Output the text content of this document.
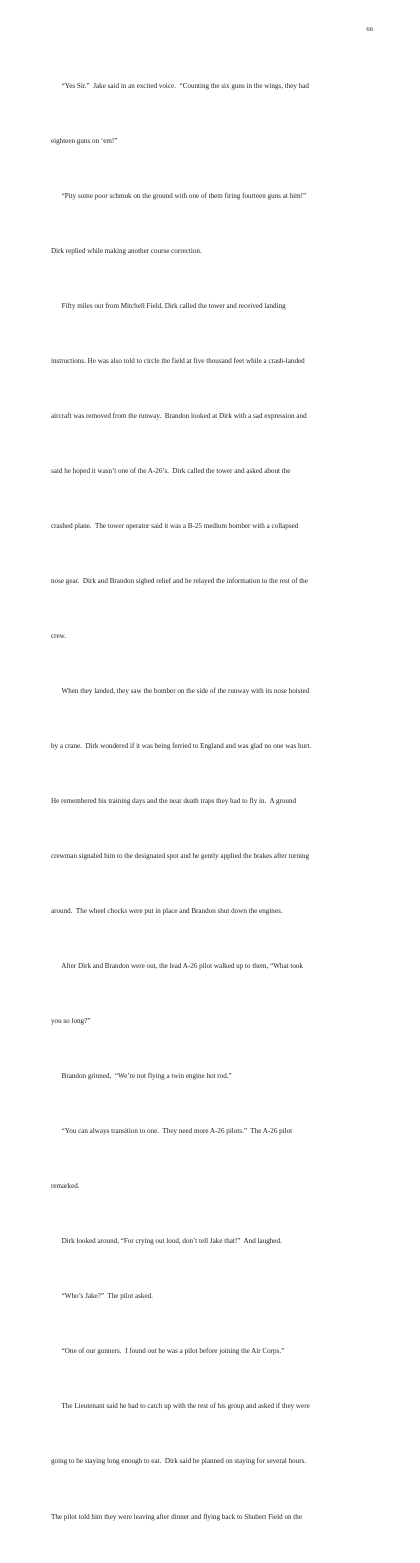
66

“Yes Sir.”  Jake said in an excited voice.  “Counting the six guns in the wings, they had

eighteen guns on ‘em!”

“Pity some poor schmuk on the ground with one of them firing fourteen guns at him!”

Dirk replied while making another course correction.

Fifty miles out from Mitchell Field, Dirk called the tower and received landing

instructions. He was also told to circle the field at five thousand feet while a crash-landed

aircraft was removed from the runway.  Brandon looked at Dirk with a sad expression and

said he hoped it wasn’t one of the A-26’s.  Dirk called the tower and asked about the

crashed plane.  The tower operator said it was a B-25 medium bomber with a collapsed

nose gear.  Dirk and Brandon sighed relief and he relayed the information to the rest of the

crew.

When they landed, they saw the bomber on the side of the runway with its nose hoisted

by a crane.  Dirk wondered if it was being ferried to England and was glad no one was hurt.

He remembered his training days and the near death traps they had to fly in.  A ground

crewman signaled him to the designated spot and he gently applied the brakes after turning

around.  The wheel chocks were put in place and Brandon shut down the engines.

After Dirk and Brandon were out, the lead A-26 pilot walked up to them, “What took

you so long?”

Brandon grinned,  “We’re not flying a twin engine hot rod.”

“You can always transition to one.  They need more A-26 pilots.”  The A-26 pilot

remarked.

Dirk looked around, “For crying out loud, don’t tell Jake that!”  And laughed.

“Who’s Jake?”  The pilot asked.

“One of our gunners.  I found out he was a pilot before joining the Air Corps.”

The Lieutenant said he had to catch up with the rest of his group and asked if they were

going to be staying long enough to eat.  Dirk said he planned on staying for several hours.

The pilot told him they were leaving after dinner and flying back to Shubert Field on the
